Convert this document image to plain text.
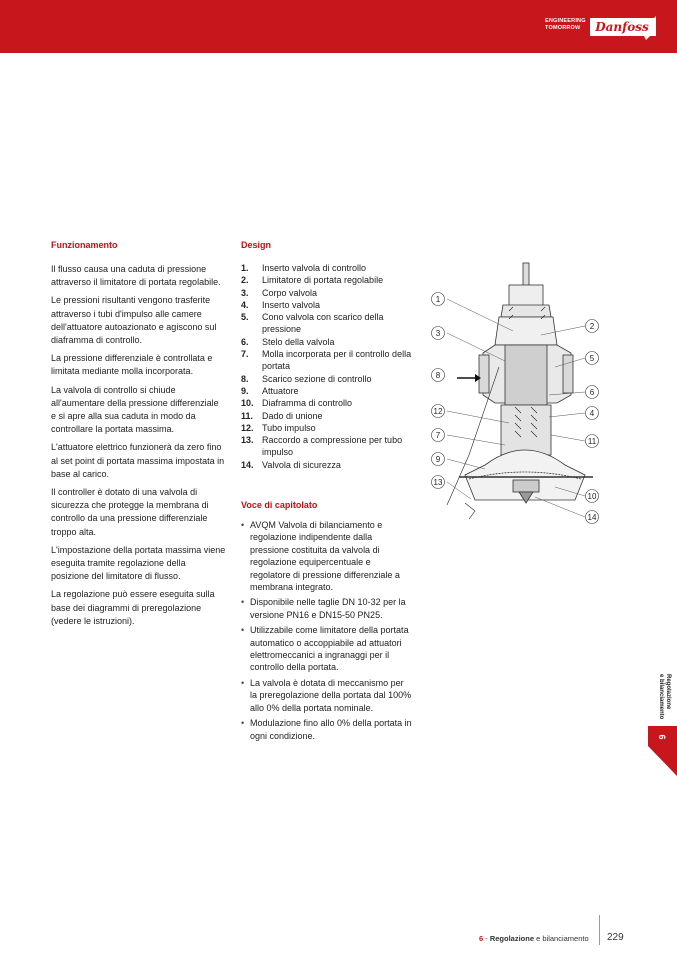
ENGINEERING
TOMORROW	Danfoss
Funzionamento

Il flusso causa una caduta di pressione attraverso il limitatore di portata regolabile.

Le pressioni risultanti vengono trasferite attraverso i tubi d'impulso alle camere dell'attuatore autoazionato e agiscono sul diaframma di controllo.

La pressione differenziale è controllata e limitata mediante molla incorporata.

La valvola di controllo si chiude all'aumentare della pressione differenziale e si apre alla sua caduta in modo da controllare la portata massima.

L'attuatore elettrico funzionerà da zero fino al set point di portata massima impostata in base al carico.

Il controller è dotato di una valvola di sicurezza che protegge la membrana di controllo da una pressione differenziale troppo alta.

L'impostazione della portata massima viene eseguita tramite regolazione della posizione del limitatore di flusso.

La regolazione può essere eseguita sulla base dei diagrammi di preregolazione (vedere le istruzioni).

Design
1. Inserto valvola di controllo
2. Limitatore di portata regolabile
3. Corpo valvola
4. Inserto valvola
5. Cono valvola con scarico della pressione
6. Stelo della valvola
7. Molla incorporata per il controllo della portata
8. Scarico sezione di controllo
9. Attuatore
10. Diaframma di controllo
11. Dado di unione
12. Tubo impulso
13. Raccordo a compressione per tubo impulso
14. Valvola di sicurezza
Voce di capitolato
• AVQM Valvola di bilanciamento e regolazione indipendente dalla pressione costituita da valvola di regolazione equipercentuale e regolatore di pressione differenziale a membrana integrato.
• Disponibile nelle taglie DN 10-32 per la versione PN16 e DN15-50 PN25.
• Utilizzabile come limitatore della portata automatico o accoppiabile ad attuatori elettromeccanici a ingranaggi per il controllo della portata.
• La valvola è dotata di meccanismo per la preregolazione della portata dal 100% allo 0% della portata nominale.
• Modulazione fino allo 0% della portata in ogni condizione.
1
3
8
12
7
9
13
2
5
6
4
11
10
14
6
Regolazione
e bilanciamento
6 - Regolazione e bilanciamento 229
